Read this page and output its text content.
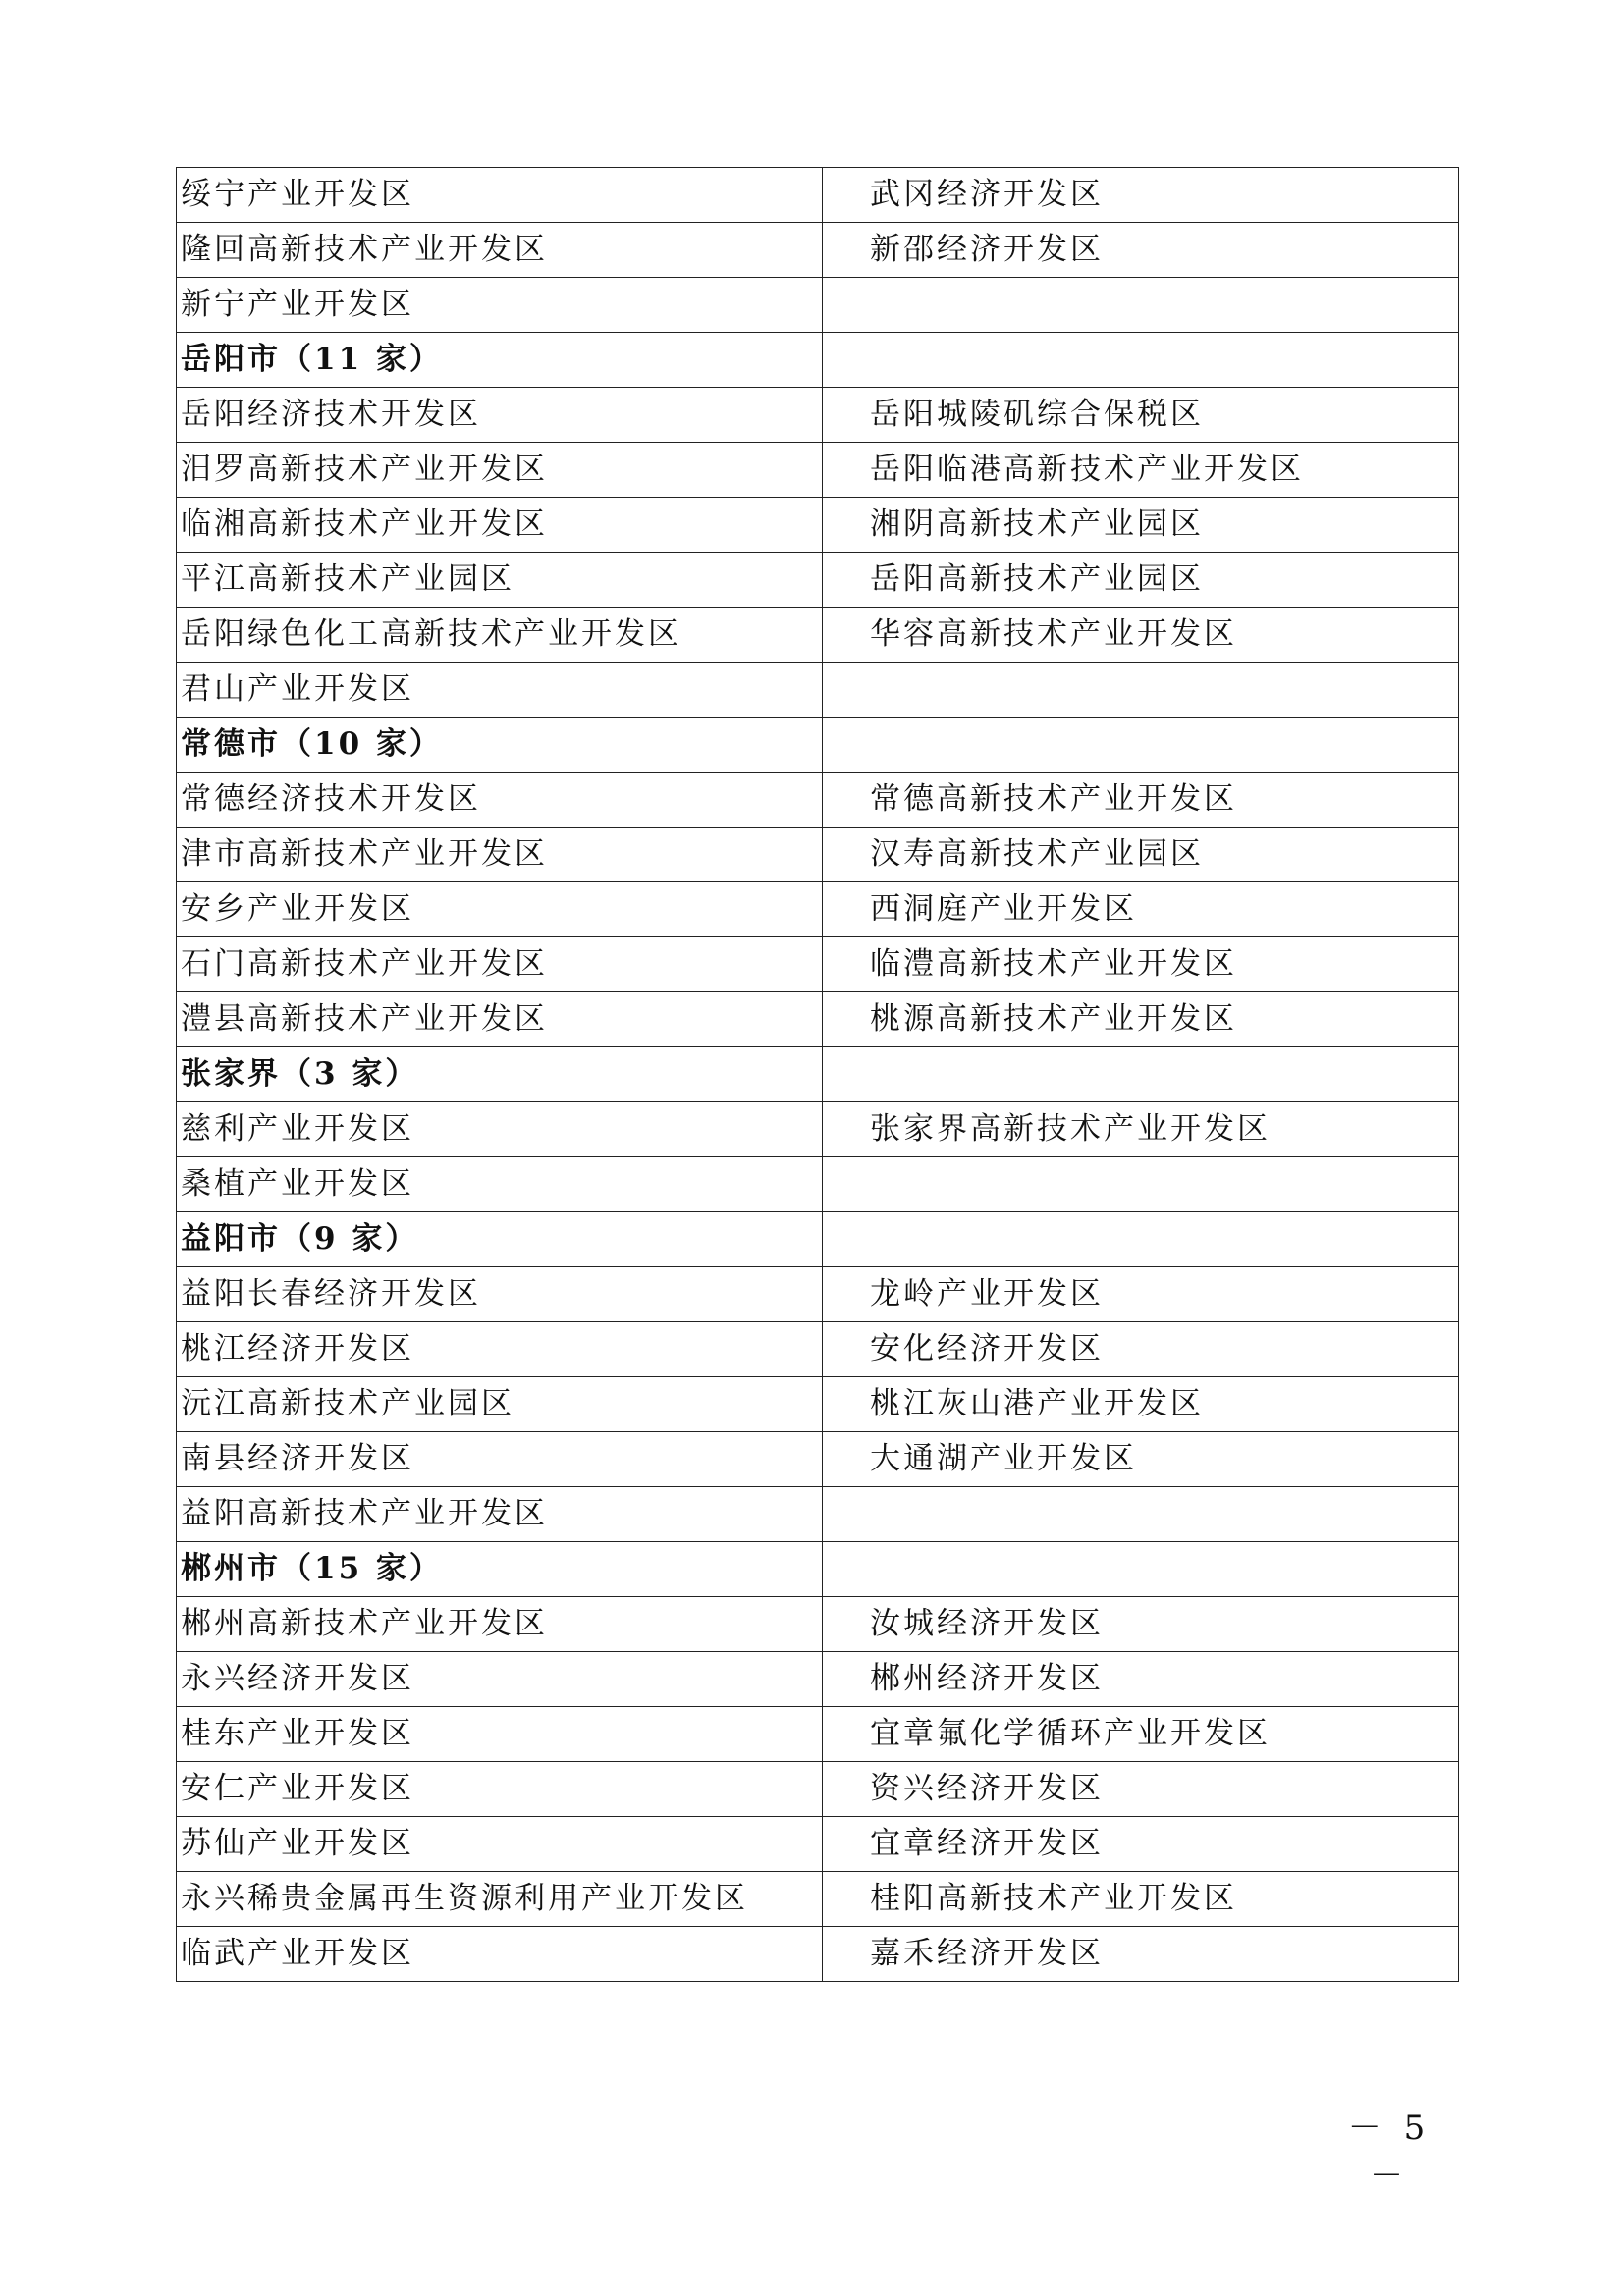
绥宁产业开发区	武冈经济开发区
隆回高新技术产业开发区	新邵经济开发区
新宁产业开发区	
岳阳市（11 家）	
岳阳经济技术开发区	岳阳城陵矶综合保税区
汨罗高新技术产业开发区	岳阳临港高新技术产业开发区
临湘高新技术产业开发区	湘阴高新技术产业园区
平江高新技术产业园区	岳阳高新技术产业园区
岳阳绿色化工高新技术产业开发区	华容高新技术产业开发区
君山产业开发区	
常德市（10 家）	
常德经济技术开发区	常德高新技术产业开发区
津市高新技术产业开发区	汉寿高新技术产业园区
安乡产业开发区	西洞庭产业开发区
石门高新技术产业开发区	临澧高新技术产业开发区
澧县高新技术产业开发区	桃源高新技术产业开发区
张家界（3 家）	
慈利产业开发区	张家界高新技术产业开发区
桑植产业开发区	
益阳市（9 家）	
益阳长春经济开发区	龙岭产业开发区
桃江经济开发区	安化经济开发区
沅江高新技术产业园区	桃江灰山港产业开发区
南县经济开发区	大通湖产业开发区
益阳高新技术产业开发区	
郴州市（15 家）	
郴州高新技术产业开发区	汝城经济开发区
永兴经济开发区	郴州经济开发区
桂东产业开发区	宜章氟化学循环产业开发区
安仁产业开发区	资兴经济开发区
苏仙产业开发区	宜章经济开发区
永兴稀贵金属再生资源利用产业开发区	桂阳高新技术产业开发区
临武产业开发区	嘉禾经济开发区
－ 5 －
